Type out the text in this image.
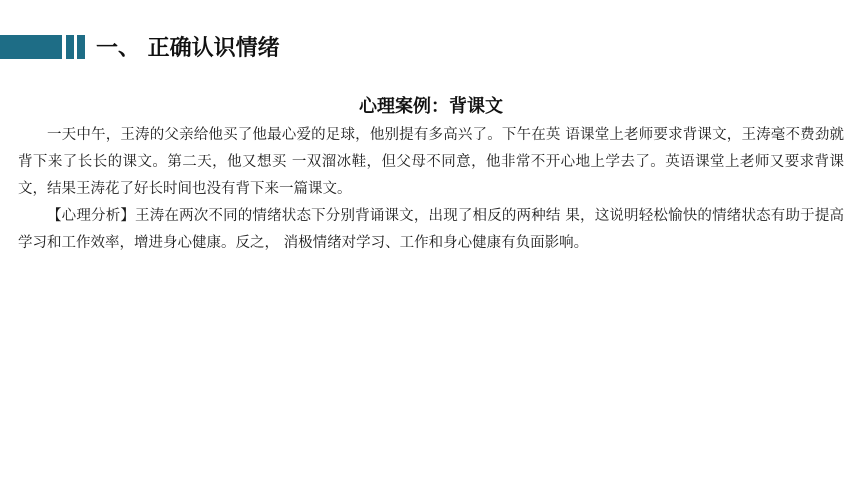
一、 正确认识情绪
心理案例：背课文

一天中午，王涛的父亲给他买了他最心爱的足球，他别提有多高兴了。下午在英 语课堂上老师要求背课文，王涛毫不费劲就背下来了长长的课文。第二天，他又想买 一双溜冰鞋，但父母不同意，他非常不开心地上学去了。英语课堂上老师又要求背课 文，结果王涛花了好长时间也没有背下来一篇课文。

【心理分析】王涛在两次不同的情绪状态下分别背诵课文，出现了相反的两种结 果，这说明轻松愉快的情绪状态有助于提高学习和工作效率，增进身心健康。反之， 消极情绪对学习、工作和身心健康有负面影响。
